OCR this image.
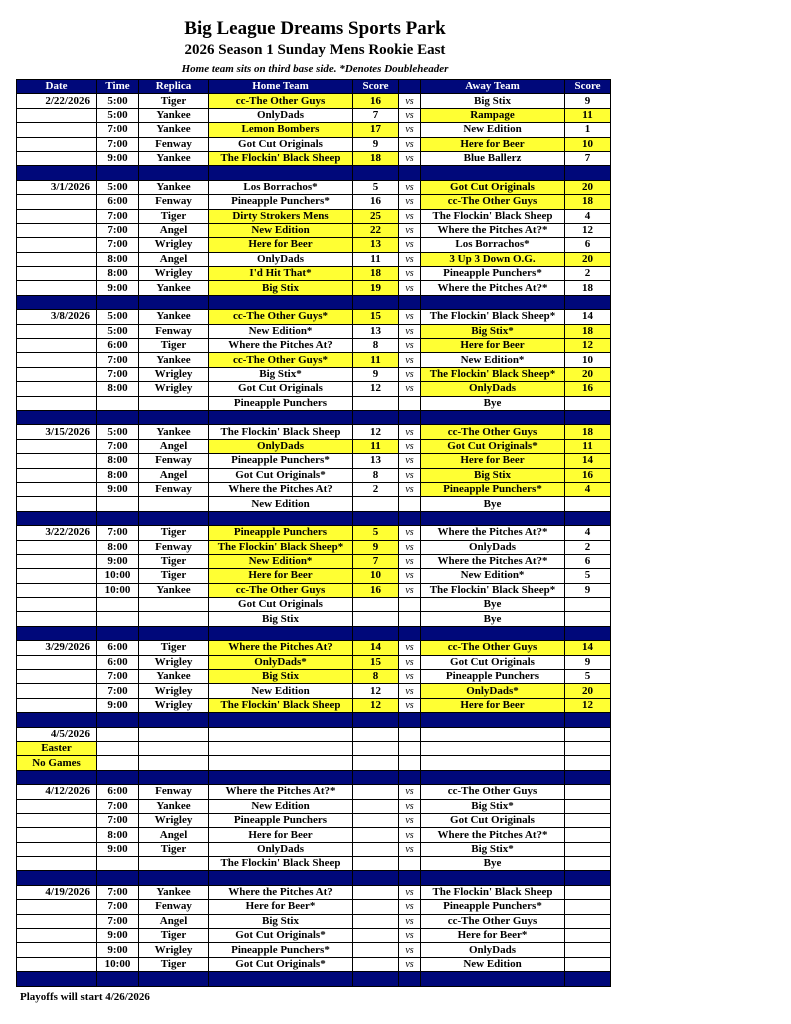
Big League Dreams Sports Park
2026 Season 1 Sunday Mens Rookie East
Home team sits on third base side. *Denotes Doubleheader
Date	Time	Replica	Home Team	Score		Away Team	Score
2/22/2026	5:00	Tiger	cc-The Other Guys	16	vs	Big Stix	9
	5:00	Yankee	OnlyDads	7	vs	Rampage	11
	7:00	Yankee	Lemon Bombers	17	vs	New Edition	1
	7:00	Fenway	Got Cut Originals	9	vs	Here for Beer	10
	9:00	Yankee	The Flockin' Black Sheep	18	vs	Blue Ballerz	7

3/1/2026	5:00	Yankee	Los Borrachos*	5	vs	Got Cut Originals	20
	6:00	Fenway	Pineapple Punchers*	16	vs	cc-The Other Guys	18
	7:00	Tiger	Dirty Strokers Mens	25	vs	The Flockin' Black Sheep	4
	7:00	Angel	New Edition	22	vs	Where the Pitches At?*	12
	7:00	Wrigley	Here for Beer	13	vs	Los Borrachos*	6
	8:00	Angel	OnlyDads	11	vs	3 Up 3 Down O.G.	20
	8:00	Wrigley	I'd Hit That*	18	vs	Pineapple Punchers*	2
	9:00	Yankee	Big Stix	19	vs	Where the Pitches At?*	18

3/8/2026	5:00	Yankee	cc-The Other Guys*	15	vs	The Flockin' Black Sheep*	14
	5:00	Fenway	New Edition*	13	vs	Big Stix*	18
	6:00	Tiger	Where the Pitches At?	8	vs	Here for Beer	12
	7:00	Yankee	cc-The Other Guys*	11	vs	New Edition*	10
	7:00	Wrigley	Big Stix*	9	vs	The Flockin' Black Sheep*	20
	8:00	Wrigley	Got Cut Originals	12	vs	OnlyDads	16
			Pineapple Punchers			Bye	

3/15/2026	5:00	Yankee	The Flockin' Black Sheep	12	vs	cc-The Other Guys	18
	7:00	Angel	OnlyDads	11	vs	Got Cut Originals*	11
	8:00	Fenway	Pineapple Punchers*	13	vs	Here for Beer	14
	8:00	Angel	Got Cut Originals*	8	vs	Big Stix	16
	9:00	Fenway	Where the Pitches At?	2	vs	Pineapple Punchers*	4
			New Edition			Bye	

3/22/2026	7:00	Tiger	Pineapple Punchers	5	vs	Where the Pitches At?*	4
	8:00	Fenway	The Flockin' Black Sheep*	9	vs	OnlyDads	2
	9:00	Tiger	New Edition*	7	vs	Where the Pitches At?*	6
	10:00	Tiger	Here for Beer	10	vs	New Edition*	5
	10:00	Yankee	cc-The Other Guys	16	vs	The Flockin' Black Sheep*	9
			Got Cut Originals			Bye	
			Big Stix			Bye	

3/29/2026	6:00	Tiger	Where the Pitches At?	14	vs	cc-The Other Guys	14
	6:00	Wrigley	OnlyDads*	15	vs	Got Cut Originals	9
	7:00	Yankee	Big Stix	8	vs	Pineapple Punchers	5
	7:00	Wrigley	New Edition	12	vs	OnlyDads*	20
	9:00	Wrigley	The Flockin' Black Sheep	12	vs	Here for Beer	12

4/5/2026							
Easter							
No Games							

4/12/2026	6:00	Fenway	Where the Pitches At?*		vs	cc-The Other Guys	
	7:00	Yankee	New Edition		vs	Big Stix*	
	7:00	Wrigley	Pineapple Punchers		vs	Got Cut Originals	
	8:00	Angel	Here for Beer		vs	Where the Pitches At?*	
	9:00	Tiger	OnlyDads		vs	Big Stix*	
			The Flockin' Black Sheep			Bye	

4/19/2026	7:00	Yankee	Where the Pitches At?		vs	The Flockin' Black Sheep	
	7:00	Fenway	Here for Beer*		vs	Pineapple Punchers*	
	7:00	Angel	Big Stix		vs	cc-The Other Guys	
	9:00	Tiger	Got Cut Originals*		vs	Here for Beer*	
	9:00	Wrigley	Pineapple Punchers*		vs	OnlyDads	
	10:00	Tiger	Got Cut Originals*		vs	New Edition	

Playoffs will start 4/26/2026
